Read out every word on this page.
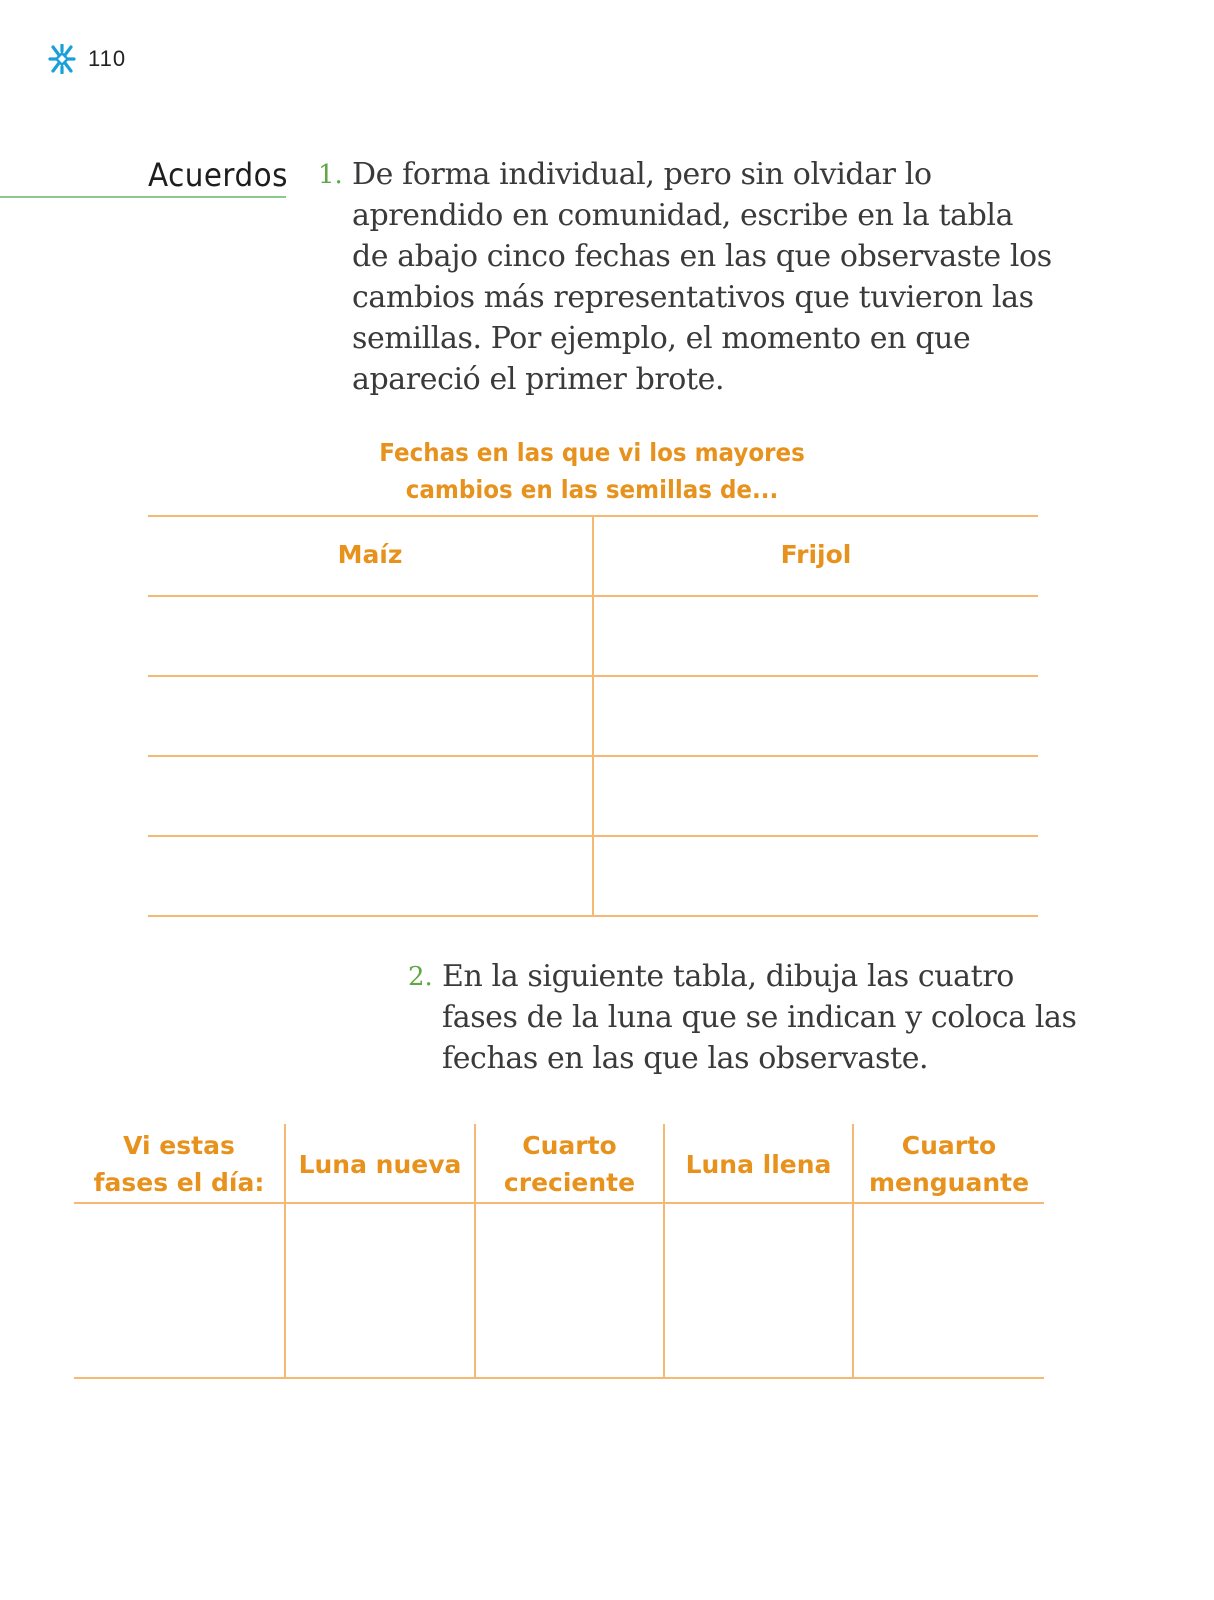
110
Acuerdos 1. De forma individual, pero sin olvidar lo aprendido en comunidad, escribe en la tabla de abajo cinco fechas en las que observaste los cambios más representativos que tuvieron las semillas. Por ejemplo, el momento en que apareció el primer brote.
Fechas en las que vi los mayores
cambios en las semillas de...
Maíz	Frijol
2. En la siguiente tabla, dibuja las cuatro fases de la luna que se indican y coloca las fechas en las que las observaste.
Vi estas
fases el día:
Luna nueva
Cuarto
creciente
Luna llena
Cuarto
menguante
